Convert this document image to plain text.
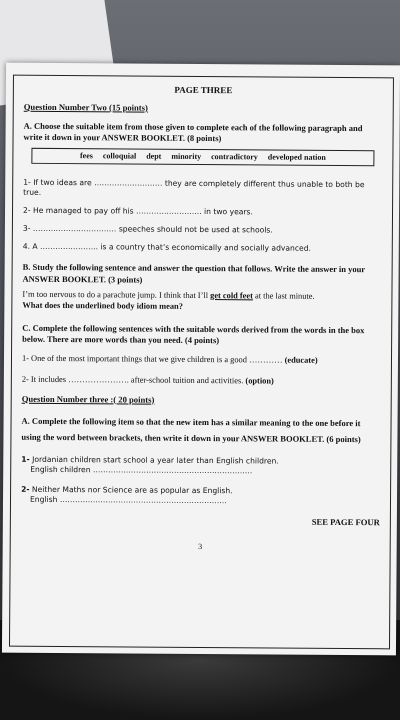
PAGE THREE
Question Number Two (15 points)
A. Choose the suitable item from those given to complete each of the following paragraph and write it down in your ANSWER BOOKLET. (8 points)
fees colloquial dept minority contradictory developed nation
1- If two ideas are ……………………… they are completely different thus unable to both be true.
2- He managed to pay off his …………………….. in two years.
3- …………………………… speeches should not be used at schools.
4. A ………………….. is a country that’s economically and socially advanced.
B. Study the following sentence and answer the question that follows. Write the answer in your ANSWER BOOKLET. (3 points)
I’m too nervous to do a parachute jump. I think that I’ll get cold feet at the last minute.
What does the underlined body idiom mean?
C. Complete the following sentences with the suitable words derived from the words in the box below. There are more words than you need. (4 points)
1- One of the most important things that we give children is a good ………… (educate)
2- It includes …………………. after-school tuition and activities. (option)
Question Number three :( 20 points)
A. Complete the following item so that the new item has a similar meaning to the one before it using the word between brackets, then write it down in your ANSWER BOOKLET. (6 points)
1- Jordanian children start school a year later than English children.
English children ………………………………………………………
2- Neither Maths nor Science are as popular as English.
English …………………………………………………………
SEE PAGE FOUR
3
